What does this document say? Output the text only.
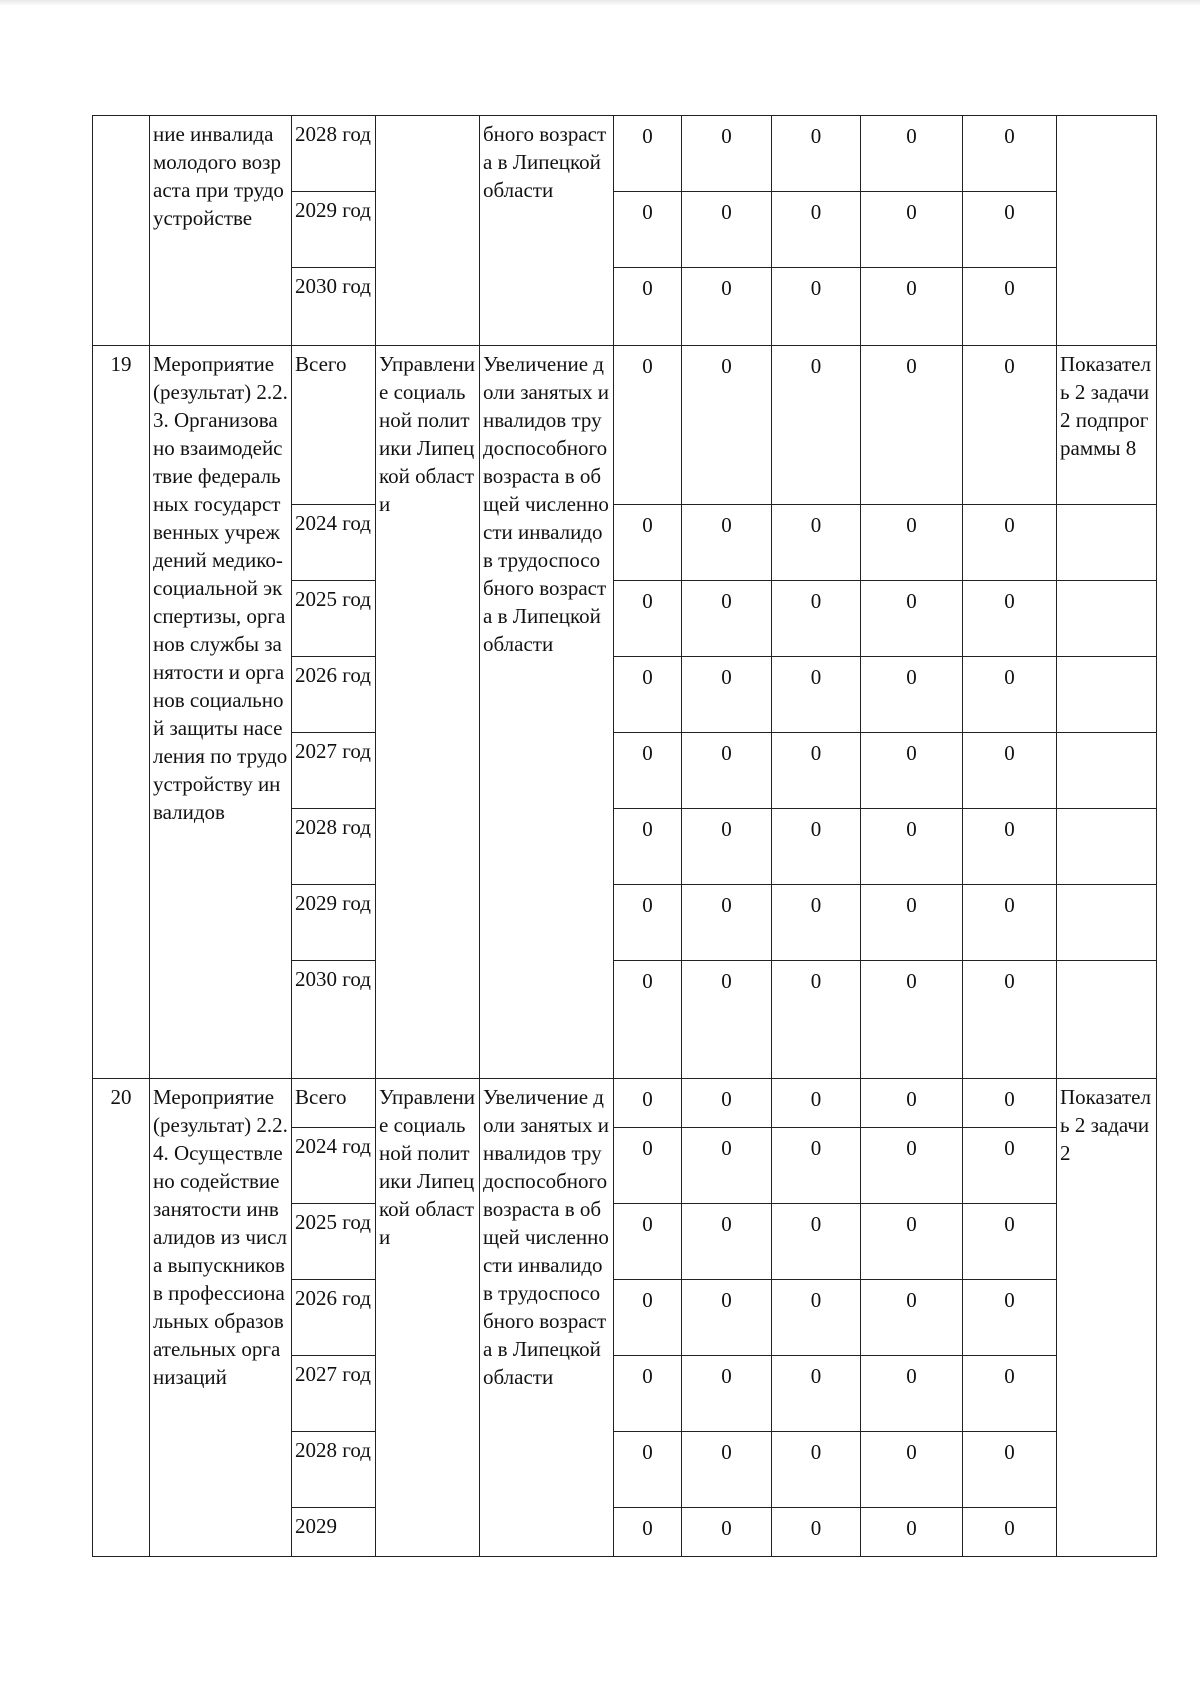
	ние инвалида молодого возраста при трудоустройстве	2028 год		бного возраста в Липецкой области	0	0	0	0	0	
		2029 год			0	0	0	0	0	
		2030 год			0	0	0	0	0	
19	Мероприятие (результат) 2.2.3. Организовано взаимодействие федеральных государственных учреждений медико-социальной экспертизы, органов службы занятости и органов социальной защиты населения по трудоустройству инвалидов	Всего	Управление социальной политики Липецкой области	Увеличение доли занятых инвалидов трудоспособного возраста в общей численности инвалидов трудоспособного возраста в Липецкой области	0	0	0	0	0	Показатель 2 задачи 2 подпрограммы 8
		2024 год			0	0	0	0	0	
		2025 год			0	0	0	0	0	
		2026 год			0	0	0	0	0	
		2027 год			0	0	0	0	0	
		2028 год			0	0	0	0	0	
		2029 год			0	0	0	0	0	
		2030 год			0	0	0	0	0	
20	Мероприятие (результат) 2.2.4. Осуществлено содействие занятости инвалидов из числа выпускников в профессиональных образовательных организаций	Всего	Управление социальной политики Липецкой области	Увеличение доли занятых инвалидов трудоспособного возраста в общей численности инвалидов трудоспособного возраста в Липецкой области	0	0	0	0	0	Показатель 2 задачи 2
		2024 год			0	0	0	0	0	
		2025 год			0	0	0	0	0	
		2026 год			0	0	0	0	0	
		2027 год			0	0	0	0	0	
		2028 год			0	0	0	0	0	
		2029			0	0	0	0	0	
